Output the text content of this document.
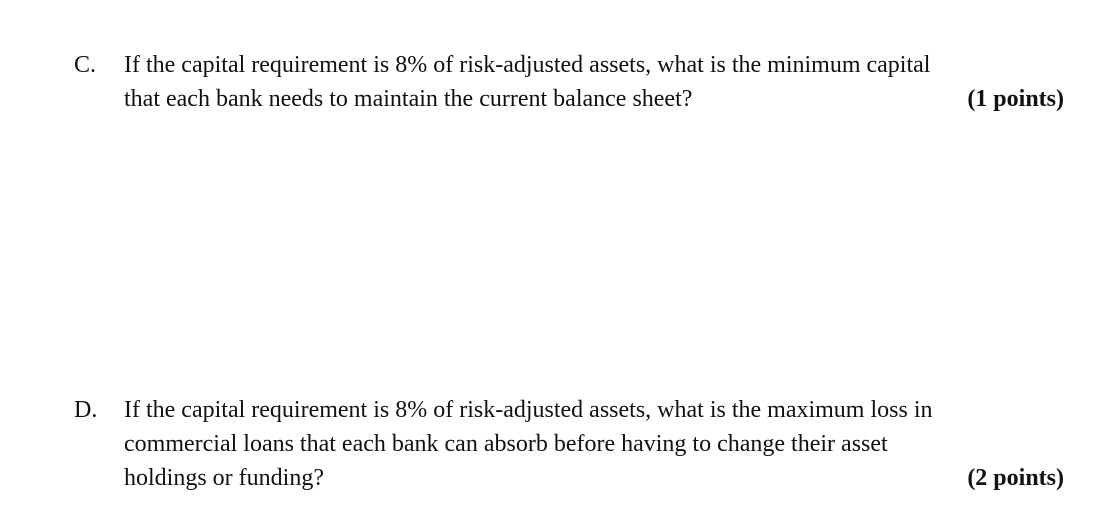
C.	If the capital requirement is 8% of risk-adjusted assets, what is the minimum capital
that each bank needs to maintain the current balance sheet?	(1 points)
D.	If the capital requirement is 8% of risk-adjusted assets, what is the maximum loss in
commercial loans that each bank can absorb before having to change their asset
holdings or funding?	(2 points)
